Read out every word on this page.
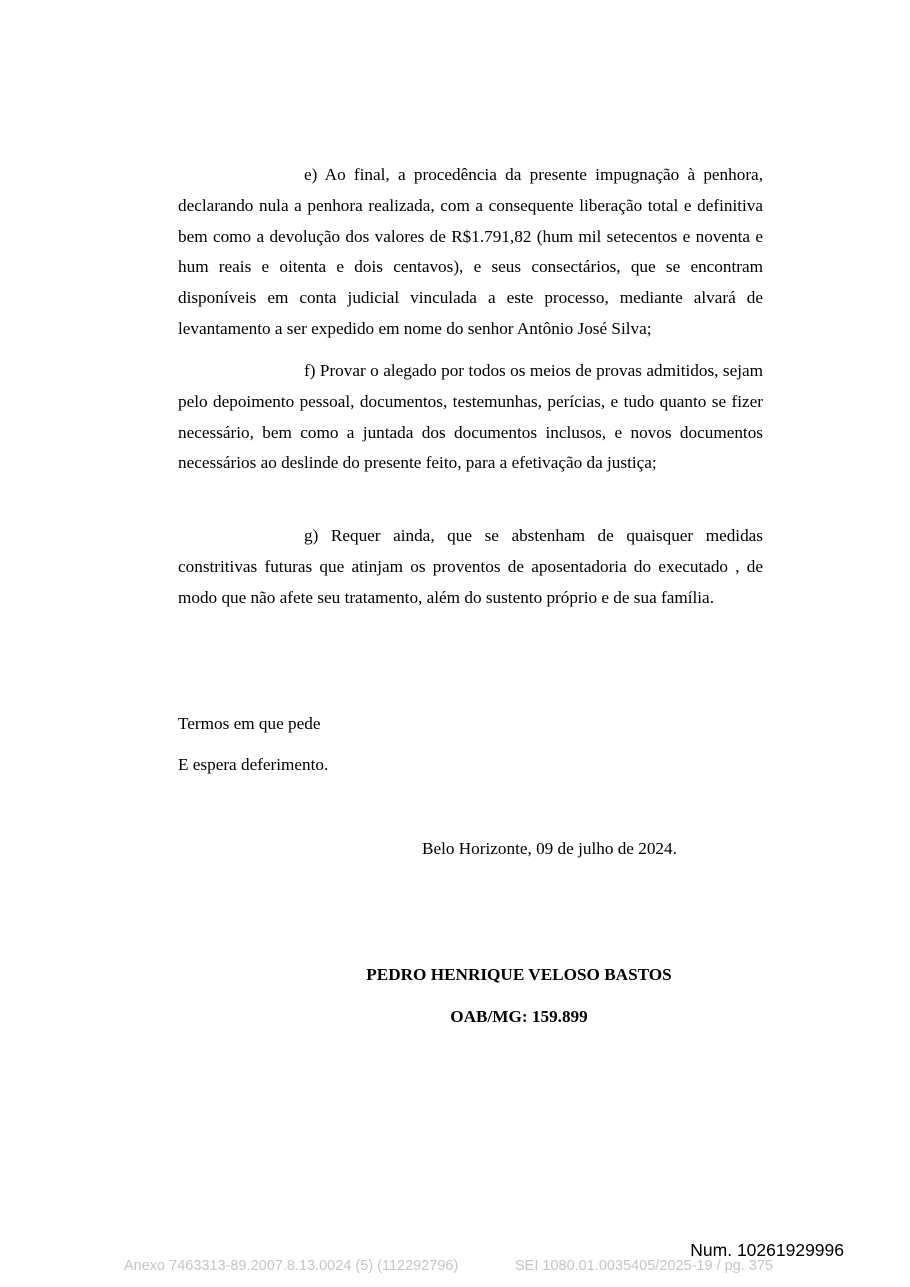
e) Ao final, a procedência da presente impugnação à penhora, declarando nula a penhora realizada, com a consequente liberação total e definitiva bem como a devolução dos valores de R$1.791,82 (hum mil setecentos e noventa e hum reais e oitenta e dois centavos), e seus consectários, que se encontram disponíveis em conta judicial vinculada a este processo, mediante alvará de levantamento a ser expedido em nome do senhor Antônio José Silva;

f) Provar o alegado por todos os meios de provas admitidos, sejam pelo depoimento pessoal, documentos, testemunhas, perícias, e tudo quanto se fizer necessário, bem como a juntada dos documentos inclusos, e novos documentos necessários ao deslinde do presente feito, para a efetivação da justiça;

g) Requer ainda, que se abstenham de quaisquer medidas constritivas futuras que atinjam os proventos de aposentadoria do executado , de modo que não afete seu tratamento, além do sustento próprio e de sua família.

Termos em que pede

E espera deferimento.

Belo Horizonte, 09 de julho de 2024.
PEDRO HENRIQUE VELOSO BASTOS
OAB/MG: 159.899
Num. 10261929996
Anexo 7463313-89.2007.8.13.0024 (5) (112292796)	SEI 1080.01.0035405/2025-19 / pg. 375
